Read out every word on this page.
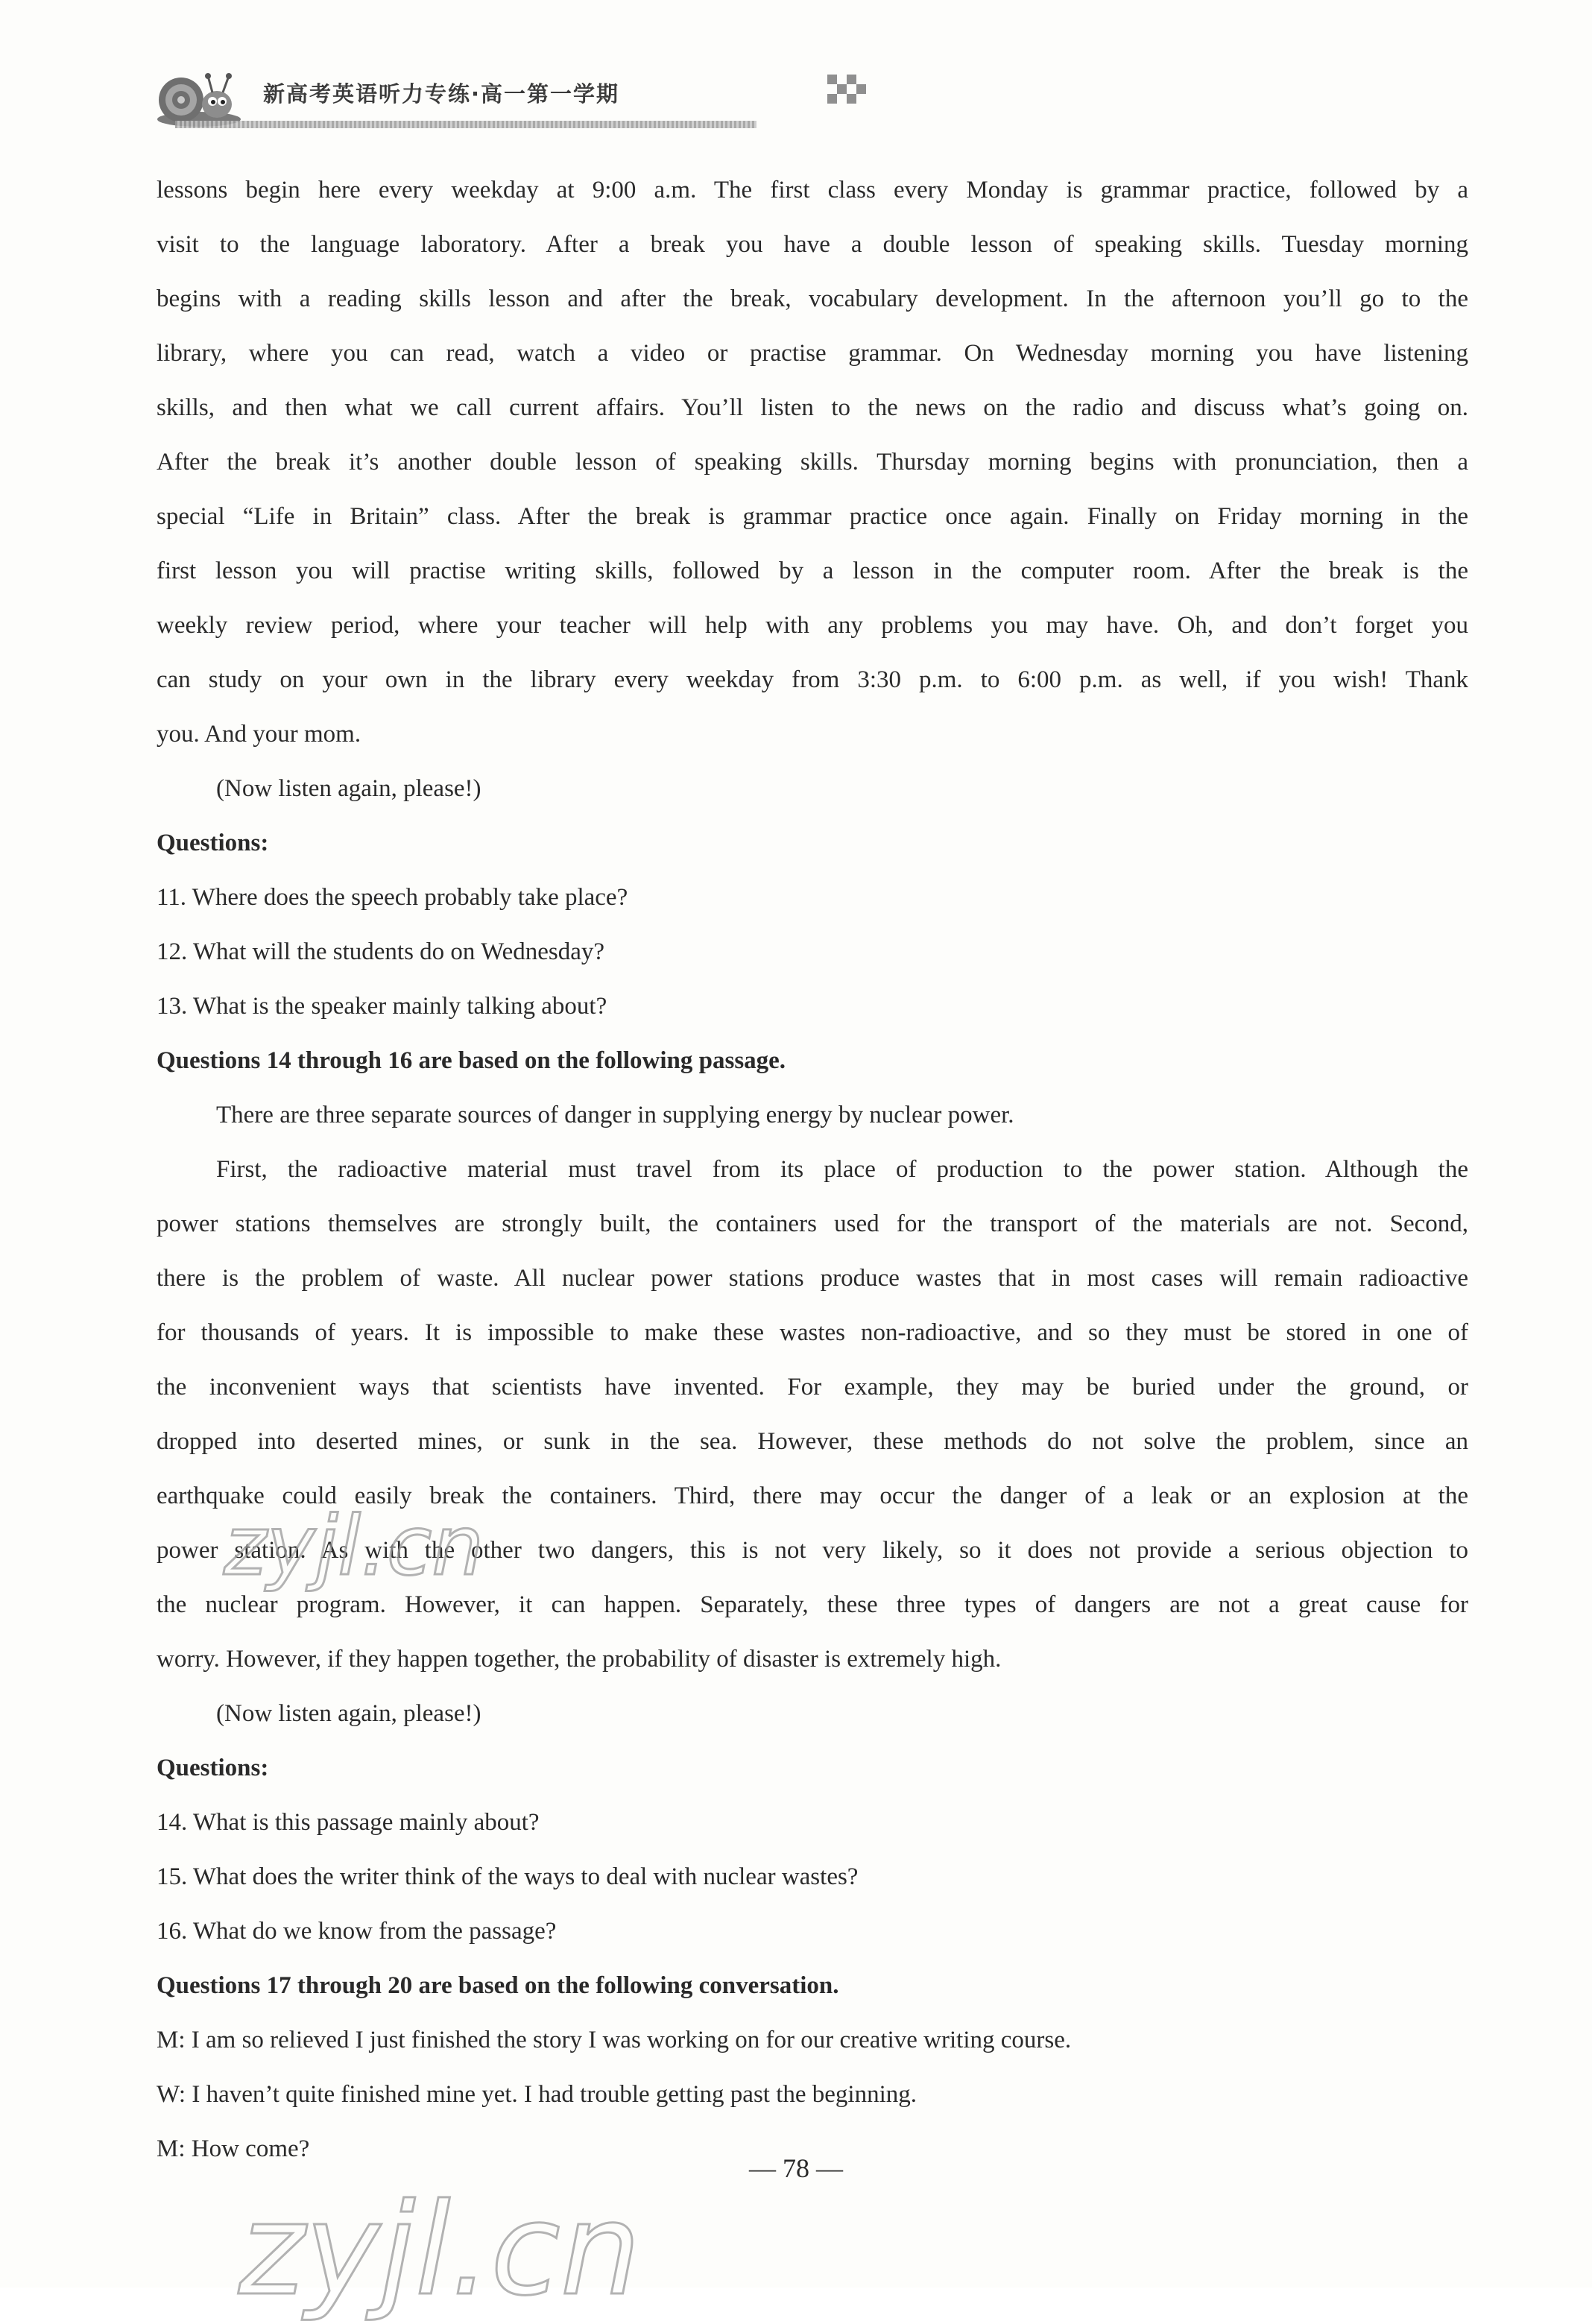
新高考英语听力专练·高一第一学期
lessons begin here every weekday at 9:00 a.m. The first class every Monday is grammar practice, followed by a
visit to the language laboratory. After a break you have a double lesson of speaking skills. Tuesday morning
begins with a reading skills lesson and after the break, vocabulary development. In the afternoon you’ll go to the
library, where you can read, watch a video or practise grammar. On Wednesday morning you have listening
skills, and then what we call current affairs. You’ll listen to the news on the radio and discuss what’s going on.
After the break it’s another double lesson of speaking skills. Thursday morning begins with pronunciation, then a
special “Life in Britain” class. After the break is grammar practice once again. Finally on Friday morning in the
first lesson you will practise writing skills, followed by a lesson in the computer room. After the break is the
weekly review period, where your teacher will help with any problems you may have. Oh, and don’t forget you
can study on your own in the library every weekday from 3:30 p.m. to 6:00 p.m. as well, if you wish! Thank
you. And your mom.
(Now listen again, please!)
Questions:
11. Where does the speech probably take place?
12. What will the students do on Wednesday?
13. What is the speaker mainly talking about?
Questions 14 through 16 are based on the following passage.
There are three separate sources of danger in supplying energy by nuclear power.
First, the radioactive material must travel from its place of production to the power station. Although the
power stations themselves are strongly built, the containers used for the transport of the materials are not. Second,
there is the problem of waste. All nuclear power stations produce wastes that in most cases will remain radioactive
for thousands of years. It is impossible to make these wastes non-radioactive, and so they must be stored in one of
the inconvenient ways that scientists have invented. For example, they may be buried under the ground, or
dropped into deserted mines, or sunk in the sea. However, these methods do not solve the problem, since an
earthquake could easily break the containers. Third, there may occur the danger of a leak or an explosion at the
power station. As with the other two dangers, this is not very likely, so it does not provide a serious objection to
the nuclear program. However, it can happen. Separately, these three types of dangers are not a great cause for
worry. However, if they happen together, the probability of disaster is extremely high.
(Now listen again, please!)
Questions:
14. What is this passage mainly about?
15. What does the writer think of the ways to deal with nuclear wastes?
16. What do we know from the passage?
Questions 17 through 20 are based on the following conversation.
M: I am so relieved I just finished the story I was working on for our creative writing course.
W: I haven’t quite finished mine yet. I had trouble getting past the beginning.
M: How come?
— 78 —
zyjl.cn
zyjl.cn
